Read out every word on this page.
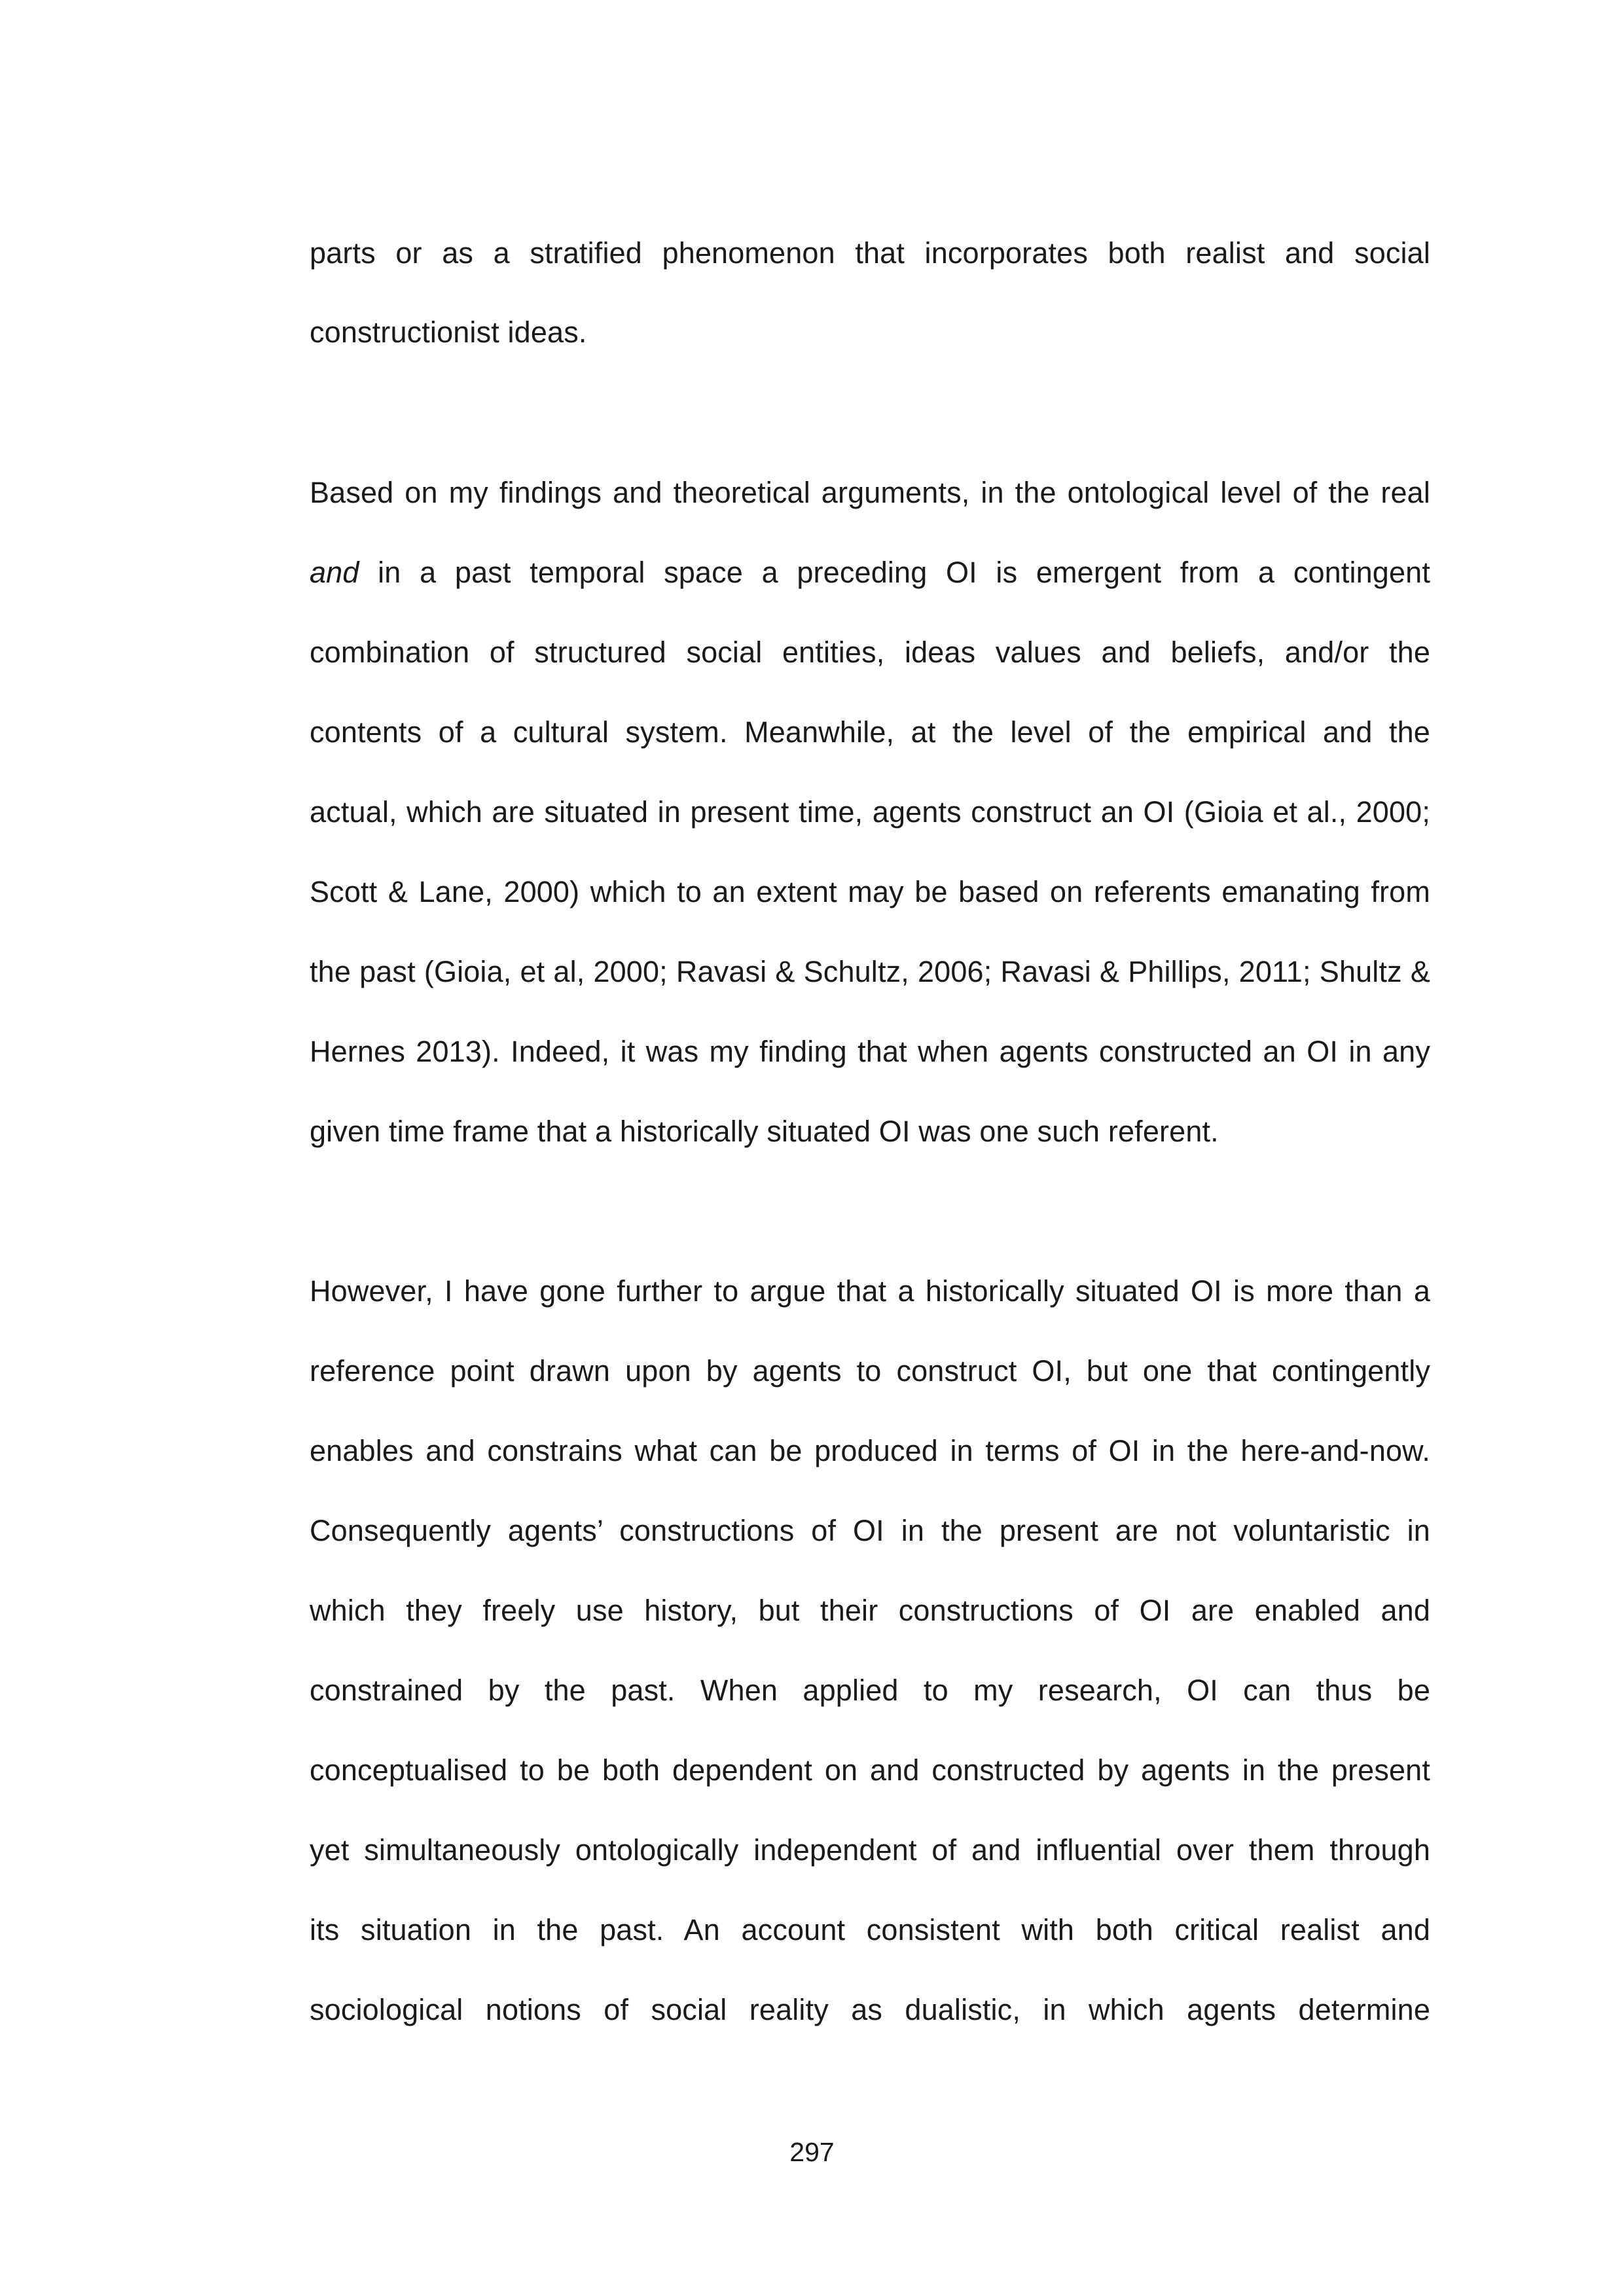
parts or as a stratified phenomenon that incorporates both realist and social
constructionist ideas.
Based on my findings and theoretical arguments, in the ontological level of the real
and in a past temporal space a preceding OI is emergent from a contingent
combination of structured social entities, ideas values and beliefs, and/or the
contents of a cultural system. Meanwhile, at the level of the empirical and the
actual, which are situated in present time, agents construct an OI (Gioia et al., 2000;
Scott & Lane, 2000) which to an extent may be based on referents emanating from
the past (Gioia, et al, 2000; Ravasi & Schultz, 2006; Ravasi & Phillips, 2011; Shultz &
Hernes 2013). Indeed, it was my finding that when agents constructed an OI in any
given time frame that a historically situated OI was one such referent.
However, I have gone further to argue that a historically situated OI is more than a
reference point drawn upon by agents to construct OI, but one that contingently
enables and constrains what can be produced in terms of OI in the here-and-now.
Consequently agents’ constructions of OI in the present are not voluntaristic in
which they freely use history, but their constructions of OI are enabled and
constrained by the past. When applied to my research, OI can thus be
conceptualised to be both dependent on and constructed by agents in the present
yet simultaneously ontologically independent of and influential over them through
its situation in the past. An account consistent with both critical realist and
sociological notions of social reality as dualistic, in which agents determine
297
